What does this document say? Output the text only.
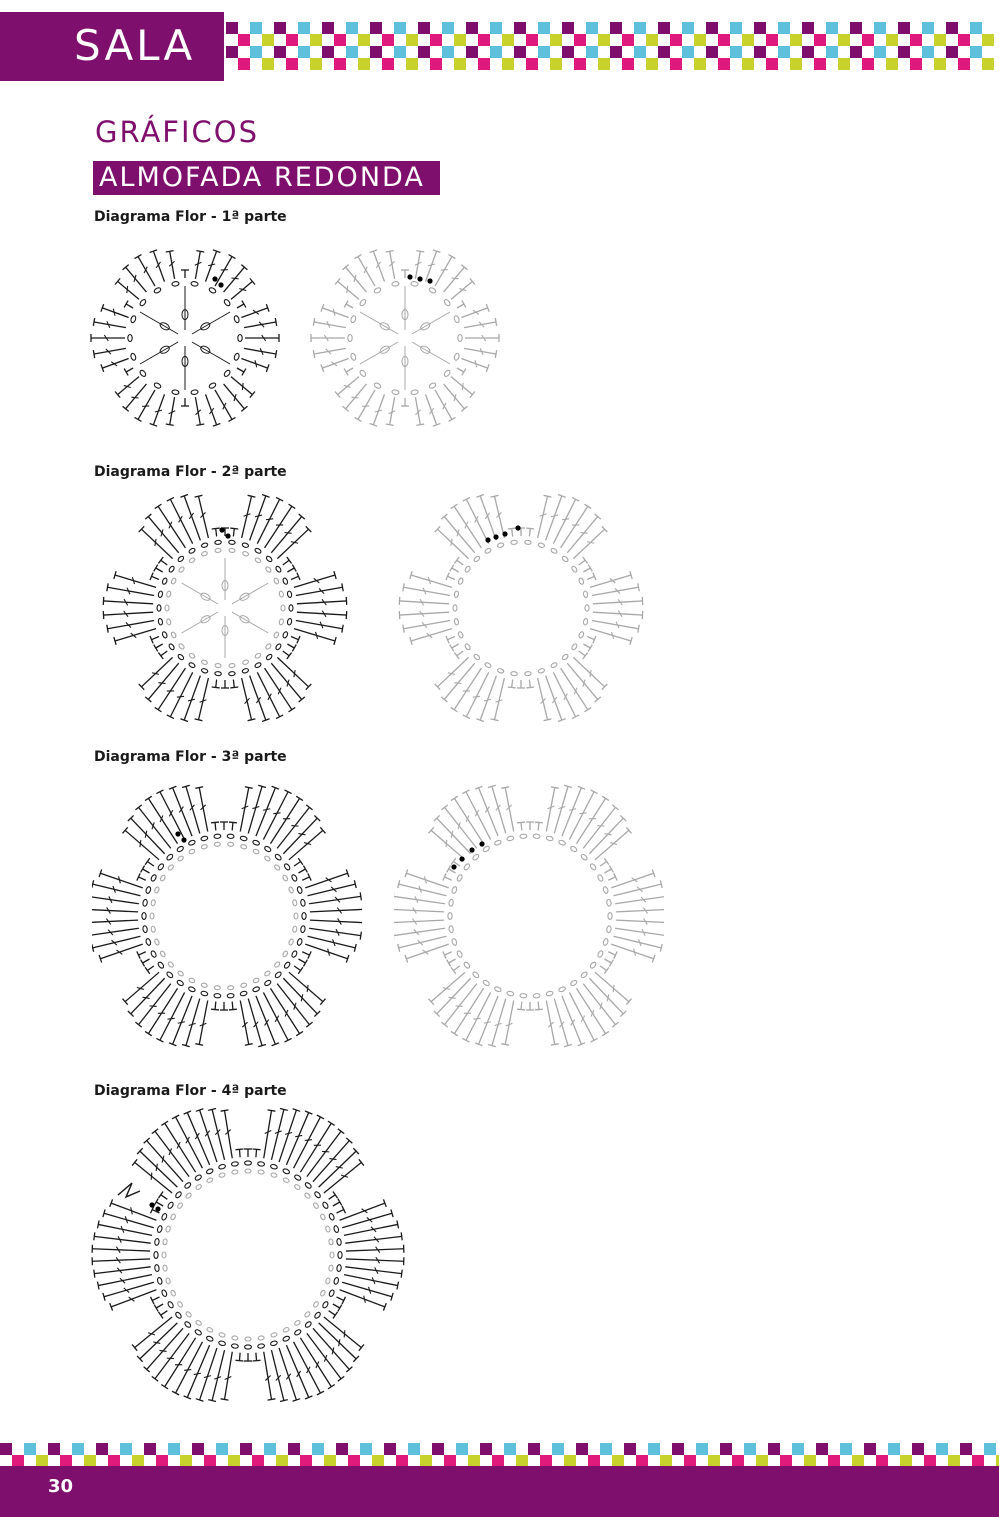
SALA
GRÁFICOS
ALMOFADA REDONDA
Diagrama Flor - 1ª parte
Diagrama Flor - 2ª parte
Diagrama Flor - 3ª parte
Diagrama Flor - 4ª parte
30
